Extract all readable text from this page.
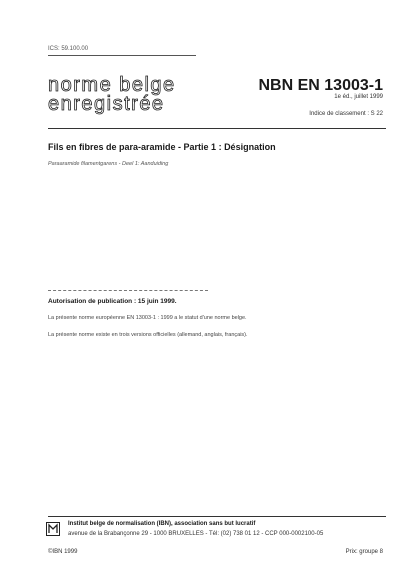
ICS: 59.100.00
norme belge
enregistrée
NBN EN 13003-1
1e éd., juillet 1999
Indice de classement : S 22
Fils en fibres de para-aramide - Partie 1 : Désignation
Paraaramide filamentgarens - Deel 1: Aanduiding
Autorisation de publication : 15 juin 1999.
La présente norme européenne EN 13003-1 : 1999 a le statut d'une norme belge.
La présente norme existe en trois versions officielles (allemand, anglais, français).
Institut belge de normalisation (IBN), association sans but lucratif
avenue de la Brabançonne 29 - 1000 BRUXELLES - Tél: (02) 738 01 12 - CCP 000-0002100-05
©IBN 1999	Prix: groupe 8
